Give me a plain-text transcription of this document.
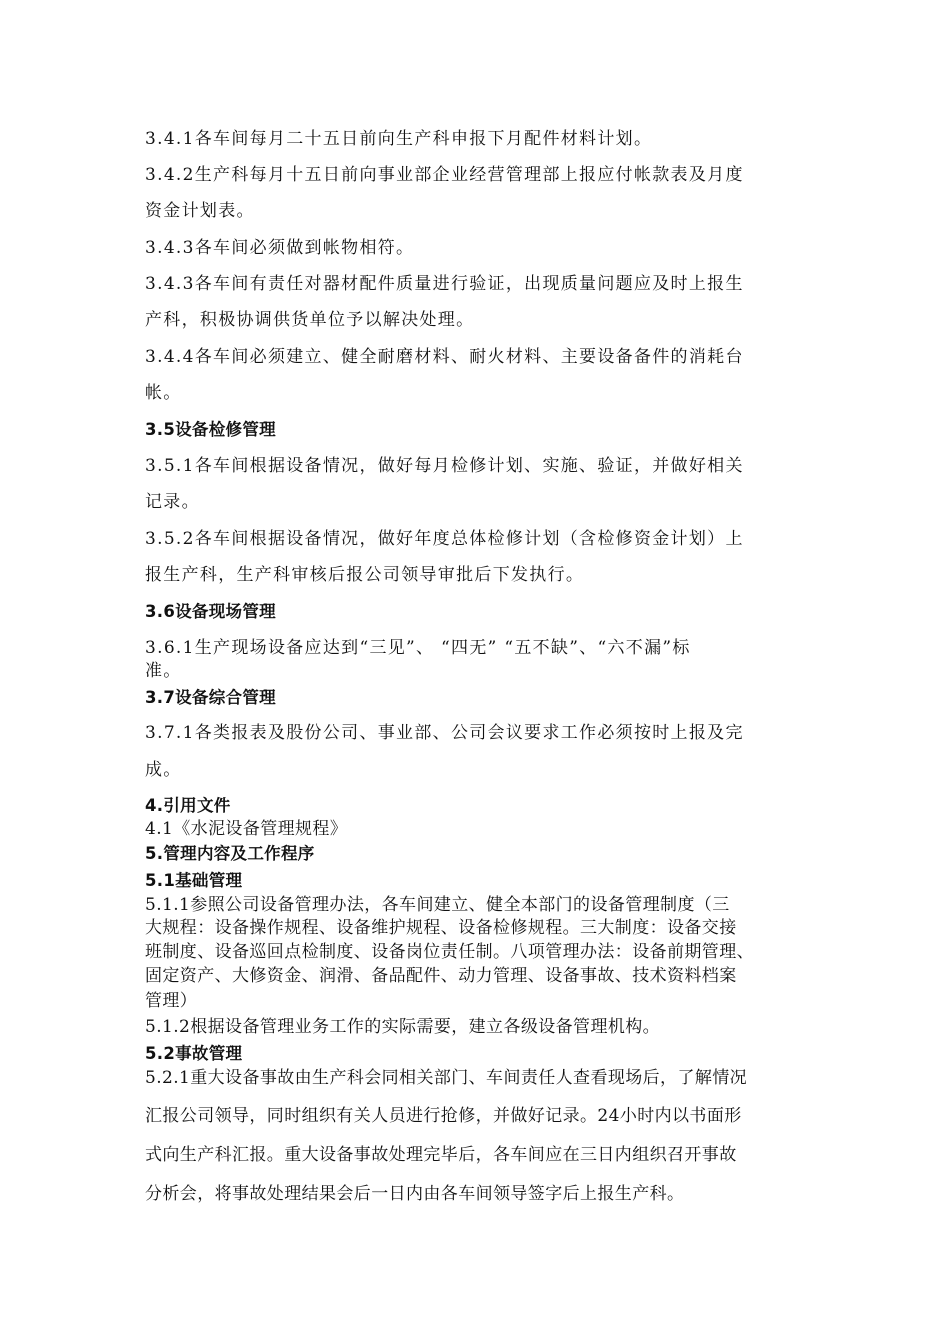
3.4.1各车间每月二十五日前向生产科申报下月配件材料计划。
3.4.2生产科每月十五日前向事业部企业经营管理部上报应付帐款表及月度
资金计划表。
3.4.3各车间必须做到帐物相符。
3.4.3各车间有责任对器材配件质量进行验证，出现质量问题应及时上报生
产科，积极协调供货单位予以解决处理。
3.4.4各车间必须建立、健全耐磨材料、耐火材料、主要设备备件的消耗台
帐。
3.5设备检修管理
3.5.1各车间根据设备情况，做好每月检修计划、实施、验证，并做好相关
记录。
3.5.2各车间根据设备情况，做好年度总体检修计划（含检修资金计划）上
报生产科，生产科审核后报公司领导审批后下发执行。
3.6设备现场管理
3.6.1生产现场设备应达到“三见”、 “四无” “五不缺”、“六不漏”标
准。
3.7设备综合管理
3.7.1各类报表及股份公司、事业部、公司会议要求工作必须按时上报及完
成。
4.引用文件
4.1《水泥设备管理规程》
5.管理内容及工作程序
5.1基础管理
5.1.1参照公司设备管理办法，各车间建立、健全本部门的设备管理制度（三
大规程：设备操作规程、设备维护规程、设备检修规程。三大制度：设备交接
班制度、设备巡回点检制度、设备岗位责任制。八项管理办法：设备前期管理、
固定资产、大修资金、润滑、备品配件、动力管理、设备事故、技术资料档案
管理）
5.1.2根据设备管理业务工作的实际需要，建立各级设备管理机构。
5.2事故管理
5.2.1重大设备事故由生产科会同相关部门、车间责任人查看现场后，了解情况
汇报公司领导，同时组织有关人员进行抢修，并做好记录。24小时内以书面形
式向生产科汇报。重大设备事故处理完毕后，各车间应在三日内组织召开事故
分析会，将事故处理结果会后一日内由各车间领导签字后上报生产科。
